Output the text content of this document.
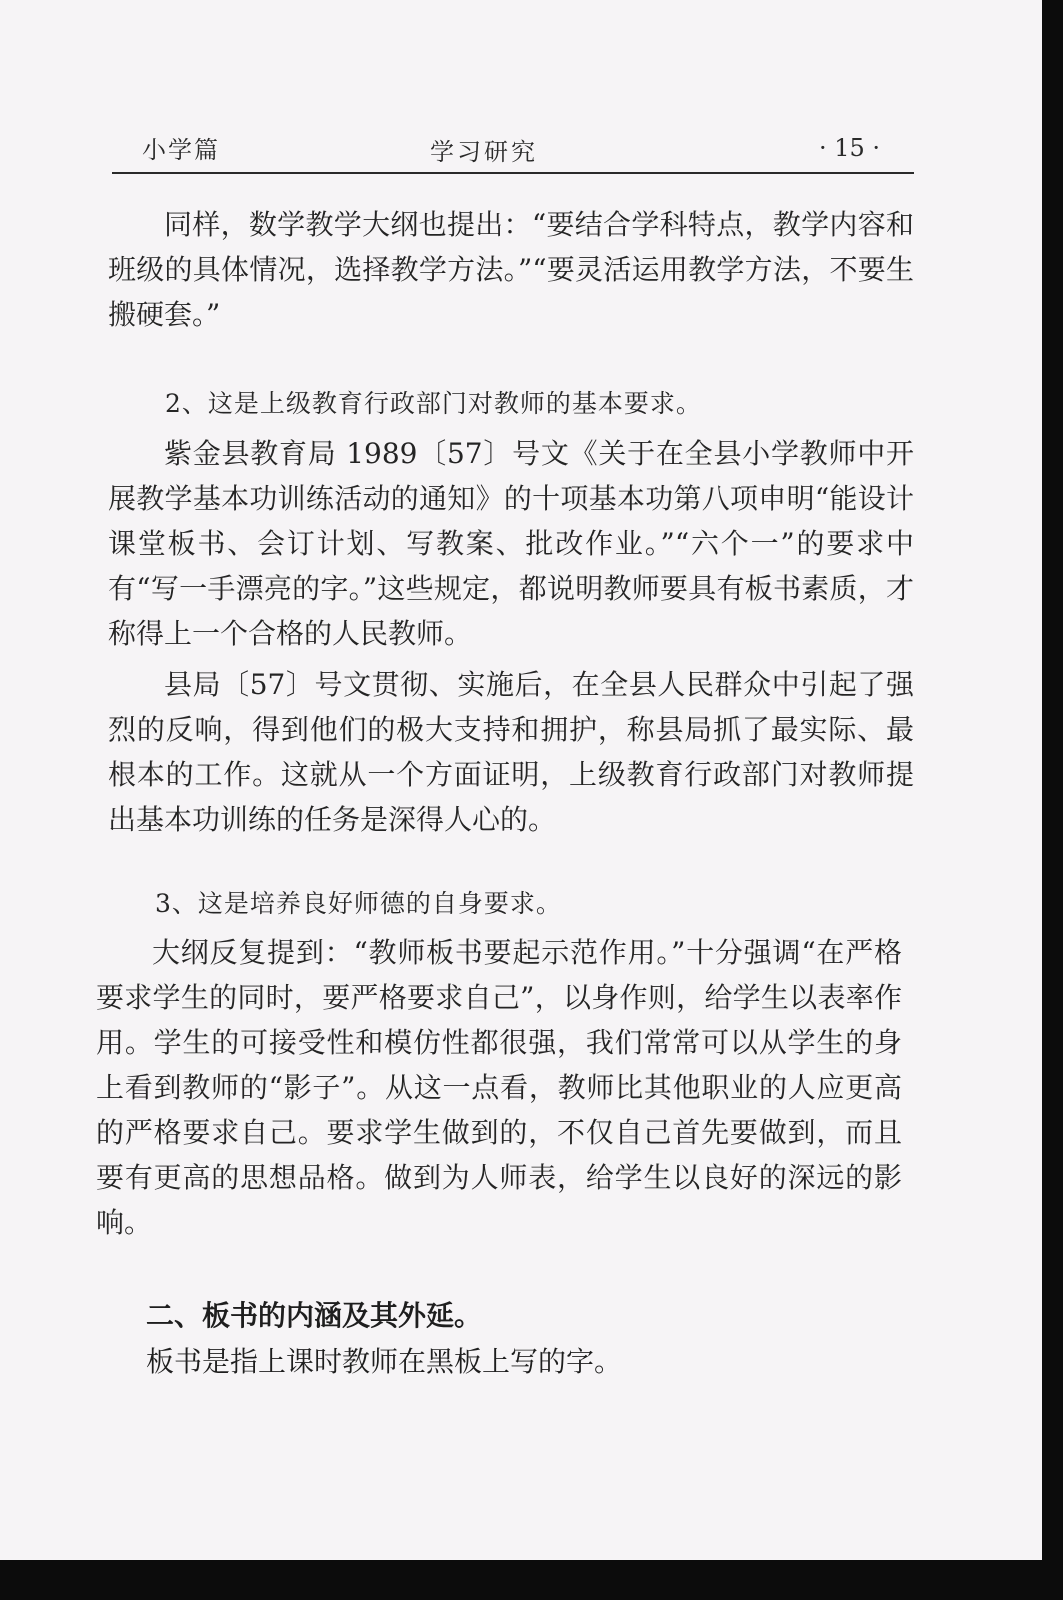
小学篇	学习研究	· 15 ·

同样，数学教学大纲也提出：“要结合学科特点，教学内容和班级的具体情况，选择教学方法。”“要灵活运用教学方法，不要生搬硬套。”

2、这是上级教育行政部门对教师的基本要求。

紫金县教育局 1989〔57〕号文《关于在全县小学教师中开展教学基本功训练活动的通知》的十项基本功第八项申明“能设计课堂板书、会订计划、写教案、批改作业。”“六个一”的要求中有“写一手漂亮的字。”这些规定，都说明教师要具有板书素质，才称得上一个合格的人民教师。

县局〔57〕号文贯彻、实施后，在全县人民群众中引起了强烈的反响，得到他们的极大支持和拥护，称县局抓了最实际、最根本的工作。这就从一个方面证明，上级教育行政部门对教师提出基本功训练的任务是深得人心的。

3、这是培养良好师德的自身要求。

大纲反复提到：“教师板书要起示范作用。”十分强调“在严格要求学生的同时，要严格要求自己”，以身作则，给学生以表率作用。学生的可接受性和模仿性都很强，我们常常可以从学生的身上看到教师的“影子”。从这一点看，教师比其他职业的人应更高的严格要求自己。要求学生做到的，不仅自己首先要做到，而且要有更高的思想品格。做到为人师表，给学生以良好的深远的影响。

二、板书的内涵及其外延。

板书是指上课时教师在黑板上写的字。
